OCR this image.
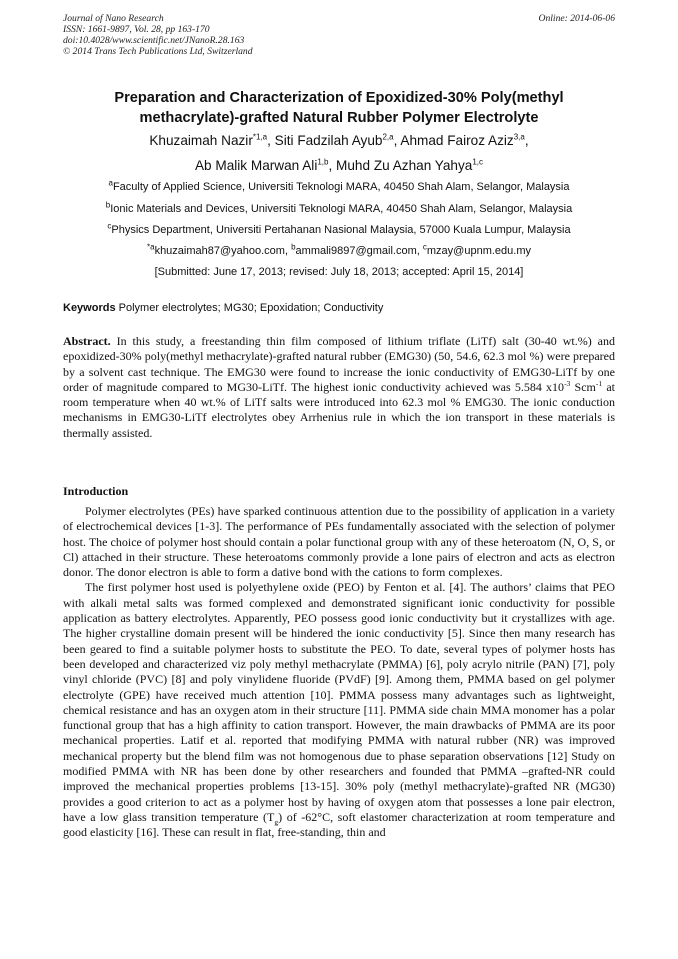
Journal of Nano Research
ISSN: 1661-9897, Vol. 28, pp 163-170
doi:10.4028/www.scientific.net/JNanoR.28.163
© 2014 Trans Tech Publications Ltd, Switzerland
Online: 2014-06-06
Preparation and Characterization of Epoxidized-30% Poly(methyl
methacrylate)-grafted Natural Rubber Polymer Electrolyte
Khuzaimah Nazir$^{*1,a}$, Siti Fadzilah Ayub$^{2,a}$, Ahmad Fairoz Aziz$^{3,a}$,
Ab Malik Marwan Ali$^{1,b}$, Muhd Zu Azhan Yahya$^{1,c}$
$^a$Faculty of Applied Science, Universiti Teknologi MARA, 40450 Shah Alam, Selangor, Malaysia
$^b$Ionic Materials and Devices, Universiti Teknologi MARA, 40450 Shah Alam, Selangor, Malaysia
$^c$Physics Department, Universiti Pertahanan Nasional Malaysia, 57000 Kuala Lumpur, Malaysia
$^{*a}$khuzaimah87@yahoo.com, $^b$ammali9897@gmail.com, $^c$mzay@upnm.edu.my
[Submitted: June 17, 2013; revised: July 18, 2013; accepted: April 15, 2014]
Keywords Polymer electrolytes; MG30; Epoxidation; Conductivity

Abstract. In this study, a freestanding thin film composed of lithium triflate (LiTf) salt (30-40 wt.%) and epoxidized-30% poly(methyl methacrylate)-grafted natural rubber (EMG30) (50, 54.6, 62.3 mol %) were prepared by a solvent cast technique. The EMG30 were found to increase the ionic conductivity of EMG30-LiTf by one order of magnitude compared to MG30-LiTf. The highest ionic conductivity achieved was 5.584 $x10^{-3}$ Scm$^{-1}$ at room temperature when 40 wt.% of LiTf salts were introduced into 62.3 mol % EMG30. The ionic conduction mechanisms in EMG30-LiTf electrolytes obey Arrhenius rule in which the ion transport in these materials is thermally assisted.

Introduction

Polymer electrolytes (PEs) have sparked continuous attention due to the possibility of application in a variety of electrochemical devices [1-3]. The performance of PEs fundamentally associated with the selection of polymer host. The choice of polymer host should contain a polar functional group with any of these heteroatom (N, O, S, or Cl) attached in their structure. These heteroatoms commonly provide a lone pairs of electron and acts as electron donor. The donor electron is able to form a dative bond with the cations to form complexes.

The first polymer host used is polyethylene oxide (PEO) by Fenton et al. [4]. The authors’ claims that PEO with alkali metal salts was formed complexed and demonstrated significant ionic conductivity for possible application as battery electrolytes. Apparently, PEO possess good ionic conductivity but it crystallizes with age. The higher crystalline domain present will be hindered the ionic conductivity [5]. Since then many research has been geared to find a suitable polymer hosts to substitute the PEO. To date, several types of polymer hosts has been developed and characterized viz poly methyl methacrylate (PMMA) [6], poly acrylo nitrile (PAN) [7], poly vinyl chloride (PVC) [8] and poly vinylidene fluoride (PVdF) [9]. Among them, PMMA based on gel polymer electrolyte (GPE) have received much attention [10]. PMMA possess many advantages such as lightweight, chemical resistance and has an oxygen atom in their structure [11]. PMMA side chain MMA monomer has a polar functional group that has a high affinity to cation transport. However, the main drawbacks of PMMA are its poor mechanical properties. Latif et al. reported that modifying PMMA with natural rubber (NR) was improved mechanical property but the blend film was not homogenous due to phase separation observations [12] Study on modified PMMA with NR has been done by other researchers and founded that PMMA –grafted-NR could improved the mechanical properties problems [13-15]. 30% poly (methyl methacrylate)-grafted NR (MG30) provides a good criterion to act as a polymer host by having of oxygen atom that possesses a lone pair electron, have a low glass transition temperature $(T_g)$ of -62°C, soft elastomer characterization at room temperature and good elasticity [16]. These can result in flat, free-standing, thin and
